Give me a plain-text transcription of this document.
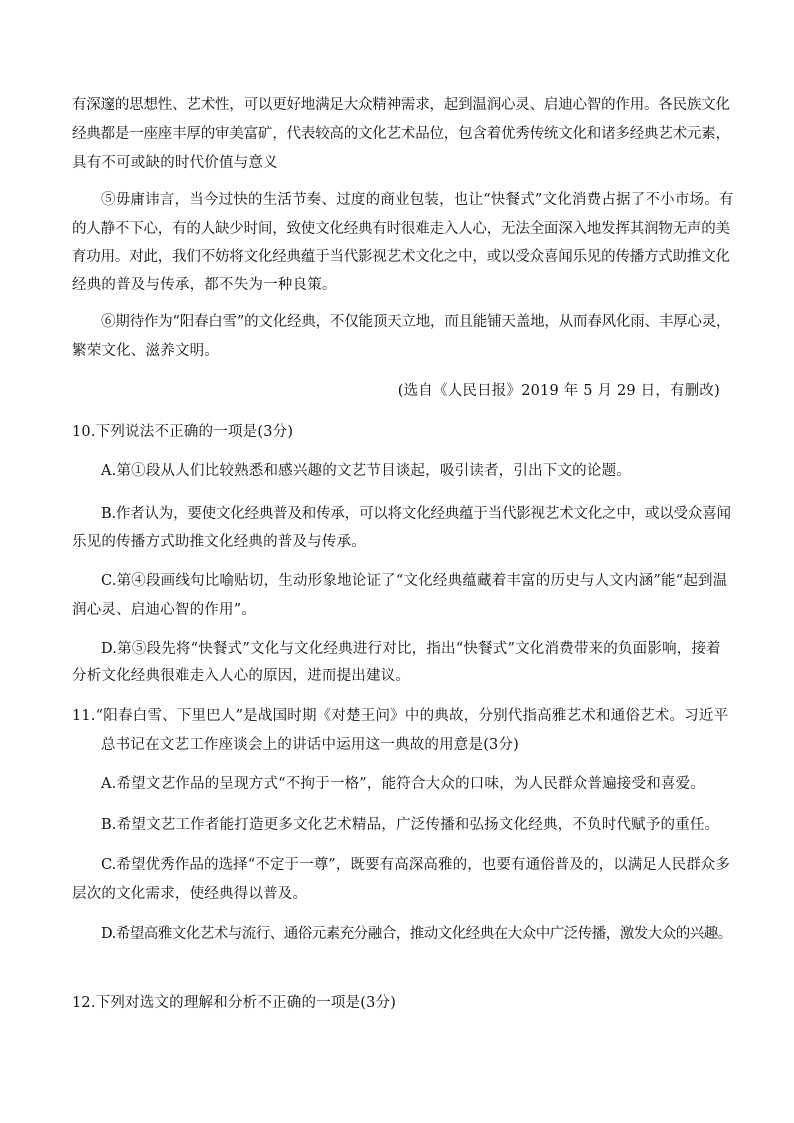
有深邃的思想性、艺术性，可以更好地满足大众精神需求，起到温润心灵、启迪心智的作用。各民族文化
经典都是一座座丰厚的审美富矿，代表较高的文化艺术品位，包含着优秀传统文化和诸多经典艺术元素，
具有不可或缺的时代价值与意义
⑤毋庸讳言，当今过快的生活节奏、过度的商业包装，也让“快餐式”文化消费占据了不小市场。有
的人静不下心，有的人缺少时间，致使文化经典有时很难走入人心，无法全面深入地发挥其润物无声的美
育功用。对此，我们不妨将文化经典蕴于当代影视艺术文化之中，或以受众喜闻乐见的传播方式助推文化
经典的普及与传承，都不失为一种良策。
⑥期待作为“阳春白雪”的文化经典，不仅能顶天立地，而且能铺天盖地，从而春风化雨、丰厚心灵，
繁荣文化、滋养文明。
(选自《人民日报》2019 年 5 月 29 日，有删改)
10.下列说法不正确的一项是(3分)
A.第①段从人们比较熟悉和感兴趣的文艺节目谈起，吸引读者，引出下文的论题。
B.作者认为，要使文化经典普及和传承，可以将文化经典蕴于当代影视艺术文化之中，或以受众喜闻
乐见的传播方式助推文化经典的普及与传承。
C.第④段画线句比喻贴切，生动形象地论证了“文化经典蕴藏着丰富的历史与人文内涵”能“起到温
润心灵、启迪心智的作用”。
D.第⑤段先将“快餐式”文化与文化经典进行对比，指出“快餐式”文化消费带来的负面影响，接着
分析文化经典很难走入人心的原因，进而提出建议。
11.“阳春白雪、下里巴人”是战国时期《对楚王问》中的典故，分别代指高雅艺术和通俗艺术。习近平
总书记在文艺工作座谈会上的讲话中运用这一典故的用意是(3分)
A.希望文艺作品的呈现方式“不拘于一格”，能符合大众的口味，为人民群众普遍接受和喜爱。
B.希望文艺工作者能打造更多文化艺术精品，广泛传播和弘扬文化经典，不负时代赋予的重任。
C.希望优秀作品的选择“不定于一尊”，既要有高深高雅的，也要有通俗普及的，以满足人民群众多
层次的文化需求，使经典得以普及。
D.希望高雅文化艺术与流行、通俗元素充分融合，推动文化经典在大众中广泛传播，激发大众的兴趣。
12.下列对选文的理解和分析不正确的一项是(3分)
